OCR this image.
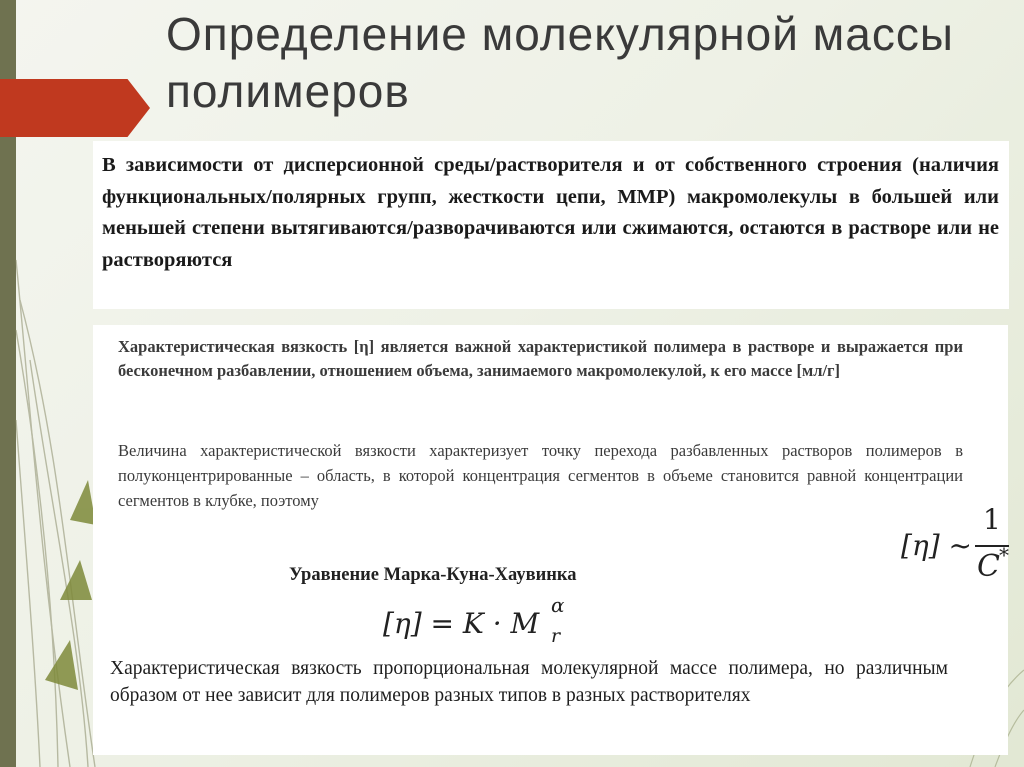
Определение молекулярной массы полимеров

В зависимости от дисперсионной среды/растворителя и от собственного строения (наличия функциональных/полярных групп, жесткости цепи, ММР) макромолекулы в большей или меньшей степени вытягиваются/разворачиваются или сжимаются, остаются в растворе или не растворяются

Характеристическая вязкость [η] является важной характеристикой полимера в растворе и выражается при бесконечном разбавлении, отношением объема, занимаемого макромолекулой, к его массе [мл/г]

Величина характеристической вязкости характеризует точку перехода разбавленных растворов полимеров в полуконцентрированные – область, в которой концентрация сегментов в объеме становится равной концентрации сегментов в клубке, поэтому

[η] ~
1
C *

Уравнение Марка-Куна-Хаувинка

[η] = K · M r
α

Характеристическая вязкость пропорциональная молекулярной массе полимера, но различным образом от нее зависит для полимеров разных типов в разных растворителях
